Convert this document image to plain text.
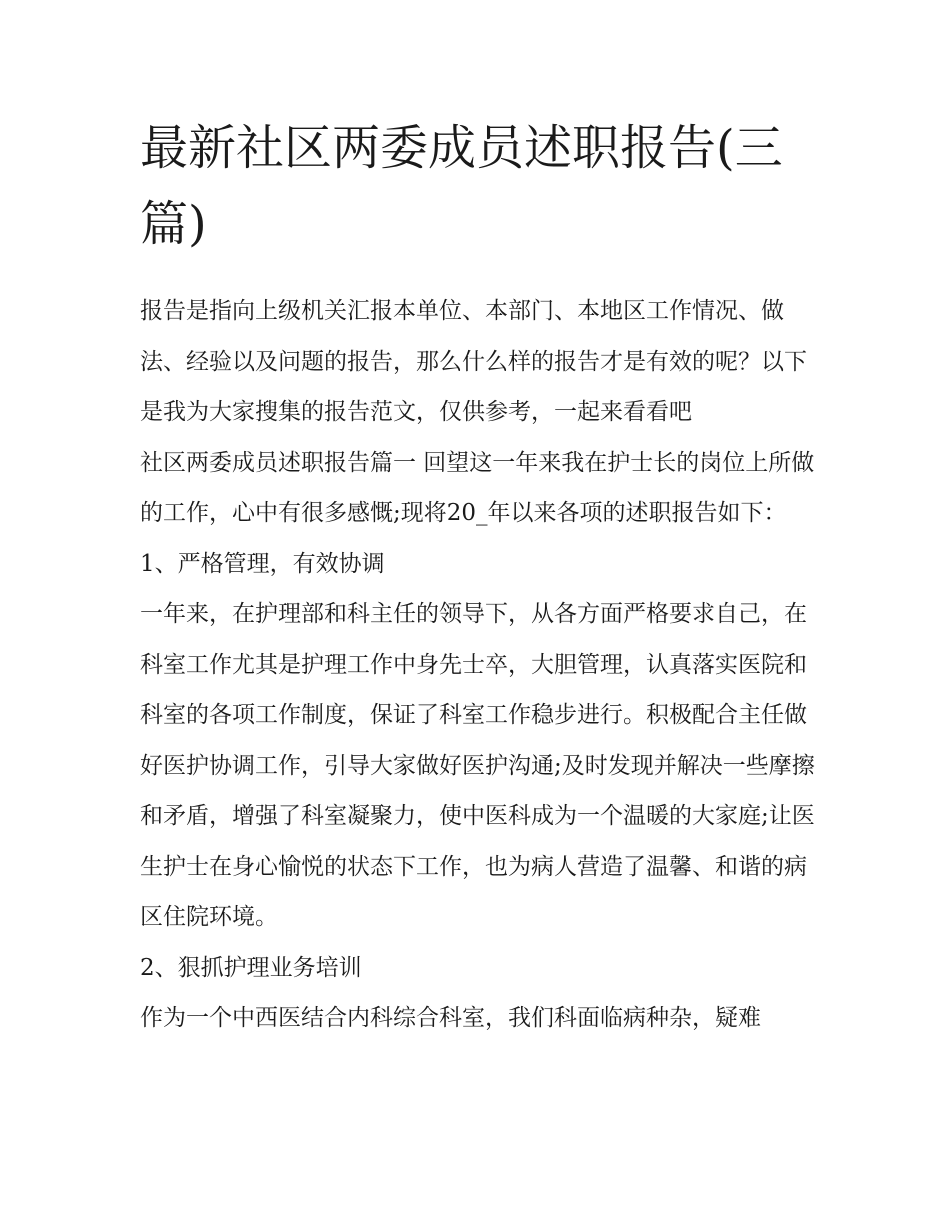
最新社区两委成员述职报告(三篇)

报告是指向上级机关汇报本单位、本部门、本地区工作情况、做法、经验以及问题的报告，那么什么样的报告才是有效的呢？以下是我为大家搜集的报告范文，仅供参考，一起来看看吧

社区两委成员述职报告篇一 回望这一年来我在护士长的岗位上所做的工作，心中有很多感慨;现将20_年以来各项的述职报告如下： 1、严格管理，有效协调

一年来，在护理部和科主任的领导下，从各方面严格要求自己，在科室工作尤其是护理工作中身先士卒，大胆管理，认真落实医院和科室的各项工作制度，保证了科室工作稳步进行。积极配合主任做好医护协调工作，引导大家做好医护沟通;及时发现并解决一些摩擦和矛盾，增强了科室凝聚力，使中医科成为一个温暖的大家庭;让医生护士在身心愉悦的状态下工作，也为病人营造了温馨、和谐的病区住院环境。

2、狠抓护理业务培训

作为一个中西医结合内科综合科室，我们科面临病种杂，疑难
